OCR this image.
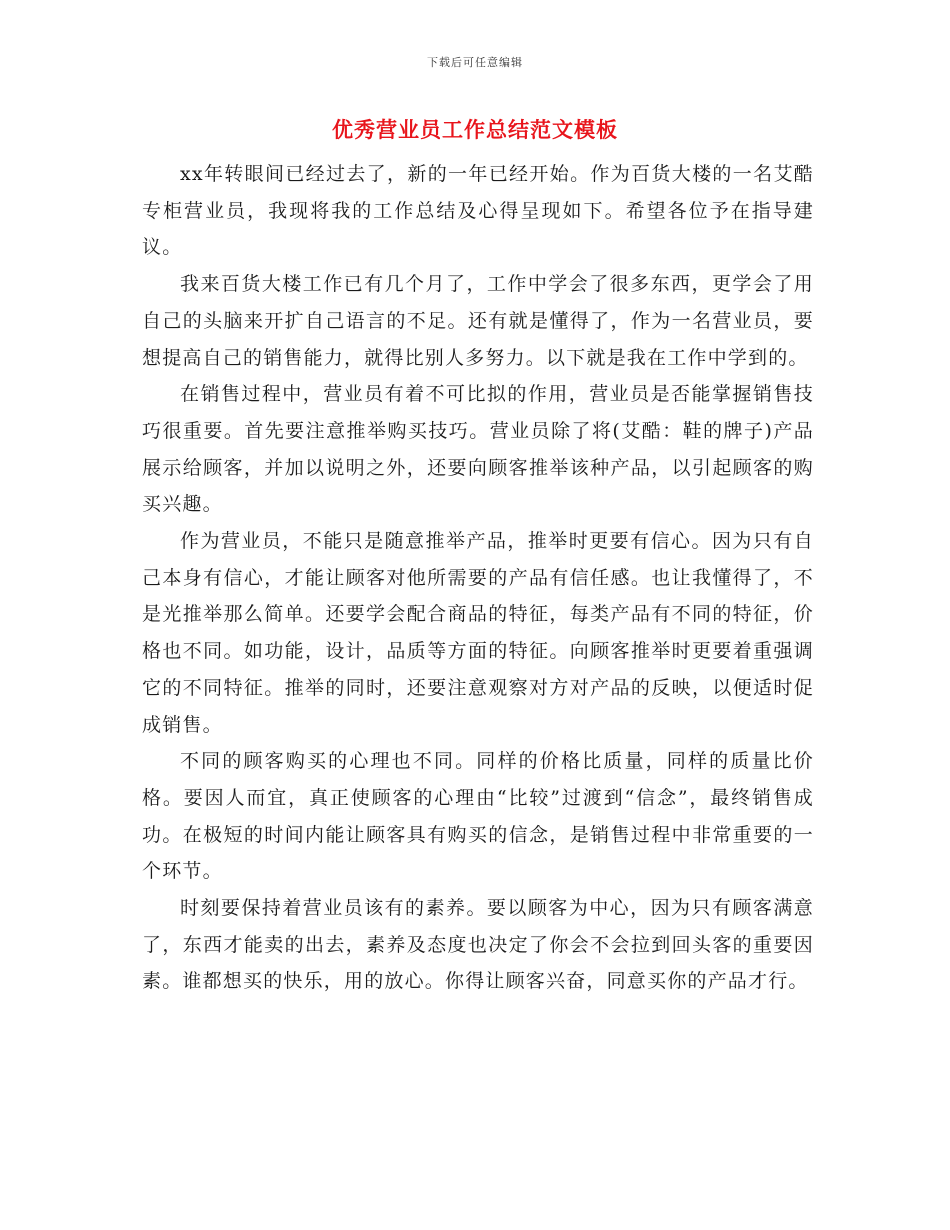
下载后可任意编辑
优秀营业员工作总结范文模板

xx年转眼间已经过去了，新的一年已经开始。作为百货大楼的一名艾酷专柜营业员，我现将我的工作总结及心得呈现如下。希望各位予在指导建议。

我来百货大楼工作已有几个月了，工作中学会了很多东西，更学会了用自己的头脑来开扩自己语言的不足。还有就是懂得了，作为一名营业员，要想提高自己的销售能力，就得比别人多努力。以下就是我在工作中学到的。

在销售过程中，营业员有着不可比拟的作用，营业员是否能掌握销售技巧很重要。首先要注意推举购买技巧。营业员除了将(艾酷：鞋的牌子)产品展示给顾客，并加以说明之外，还要向顾客推举该种产品，以引起顾客的购买兴趣。

作为营业员，不能只是随意推举产品，推举时更要有信心。因为只有自己本身有信心，才能让顾客对他所需要的产品有信任感。也让我懂得了，不是光推举那么简单。还要学会配合商品的特征，每类产品有不同的特征，价格也不同。如功能，设计，品质等方面的特征。向顾客推举时更要着重强调它的不同特征。推举的同时，还要注意观察对方对产品的反映，以便适时促成销售。

不同的顾客购买的心理也不同。同样的价格比质量，同样的质量比价格。要因人而宜，真正使顾客的心理由“比较”过渡到“信念”，最终销售成功。在极短的时间内能让顾客具有购买的信念，是销售过程中非常重要的一个环节。

时刻要保持着营业员该有的素养。要以顾客为中心，因为只有顾客满意了，东西才能卖的出去，素养及态度也决定了你会不会拉到回头客的重要因素。谁都想买的快乐，用的放心。你得让顾客兴奋，同意买你的产品才行。
